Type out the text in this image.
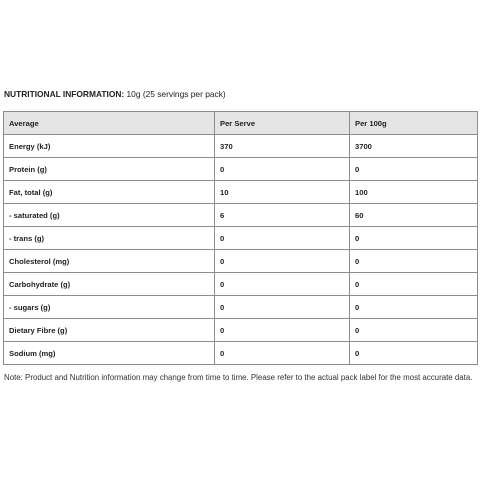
NUTRITIONAL INFORMATION: 10g (25 servings per pack)
Average	Per Serve	Per 100g
Energy (kJ)	370	3700
Protein (g)	0	0
Fat, total (g)	10	100
- saturated (g)	6	60
- trans (g)	0	0
Cholesterol (mg)	0	0
Carbohydrate (g)	0	0
- sugars (g)	0	0
Dietary Fibre (g)	0	0
Sodium (mg)	0	0
Note: Product and Nutrition information may change from time to time. Please refer to the actual pack label for the most accurate data.
